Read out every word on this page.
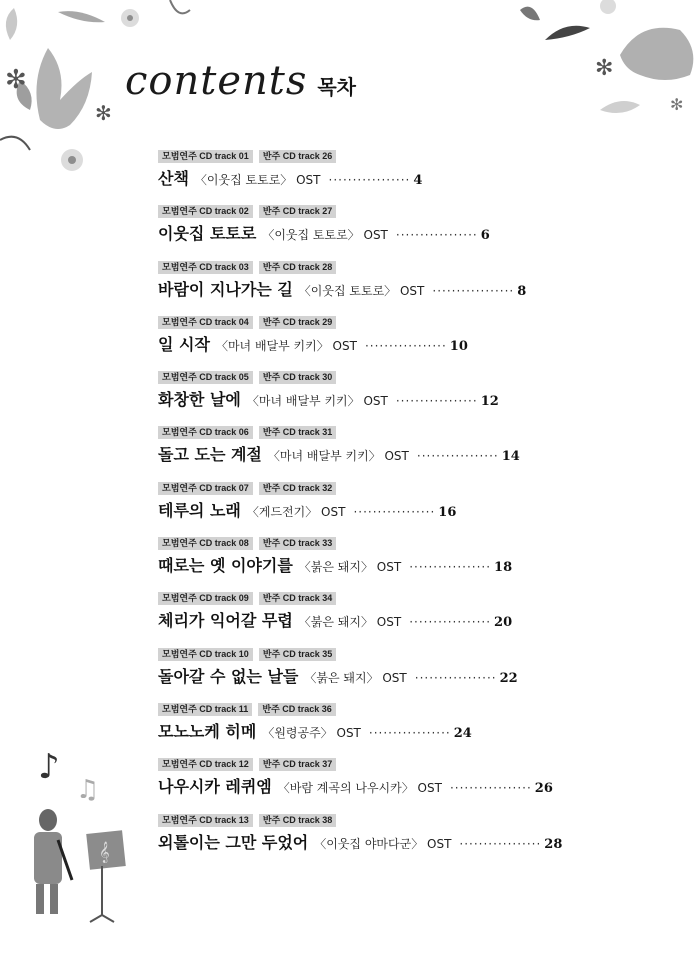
✻
✻
✻
✻
♪
♫
𝄞
contents 목차
모범연주 CD track 01	반주 CD track 26
산책 〈이웃집 토토로〉 OST ················· 4
모범연주 CD track 02	반주 CD track 27
이웃집 토토로 〈이웃집 토토로〉 OST ················· 6
모범연주 CD track 03	반주 CD track 28
바람이 지나가는 길 〈이웃집 토토로〉 OST ················· 8
모범연주 CD track 04	반주 CD track 29
일 시작 〈마녀 배달부 키키〉 OST ················· 10
모범연주 CD track 05	반주 CD track 30
화창한 날에 〈마녀 배달부 키키〉 OST ················· 12
모범연주 CD track 06	반주 CD track 31
돌고 도는 계절 〈마녀 배달부 키키〉 OST ················· 14
모범연주 CD track 07	반주 CD track 32
테루의 노래 〈게드전기〉 OST ················· 16
모범연주 CD track 08	반주 CD track 33
때로는 옛 이야기를 〈붉은 돼지〉 OST ················· 18
모범연주 CD track 09	반주 CD track 34
체리가 익어갈 무렵 〈붉은 돼지〉 OST ················· 20
모범연주 CD track 10	반주 CD track 35
돌아갈 수 없는 날들 〈붉은 돼지〉 OST ················· 22
모범연주 CD track 11	반주 CD track 36
모노노케 히메 〈원령공주〉 OST ················· 24
모범연주 CD track 12	반주 CD track 37
나우시카 레퀴엠 〈바람 계곡의 나우시카〉 OST ················· 26
모범연주 CD track 13	반주 CD track 38
외톨이는 그만 두었어 〈이웃집 야마다군〉 OST ················· 28
